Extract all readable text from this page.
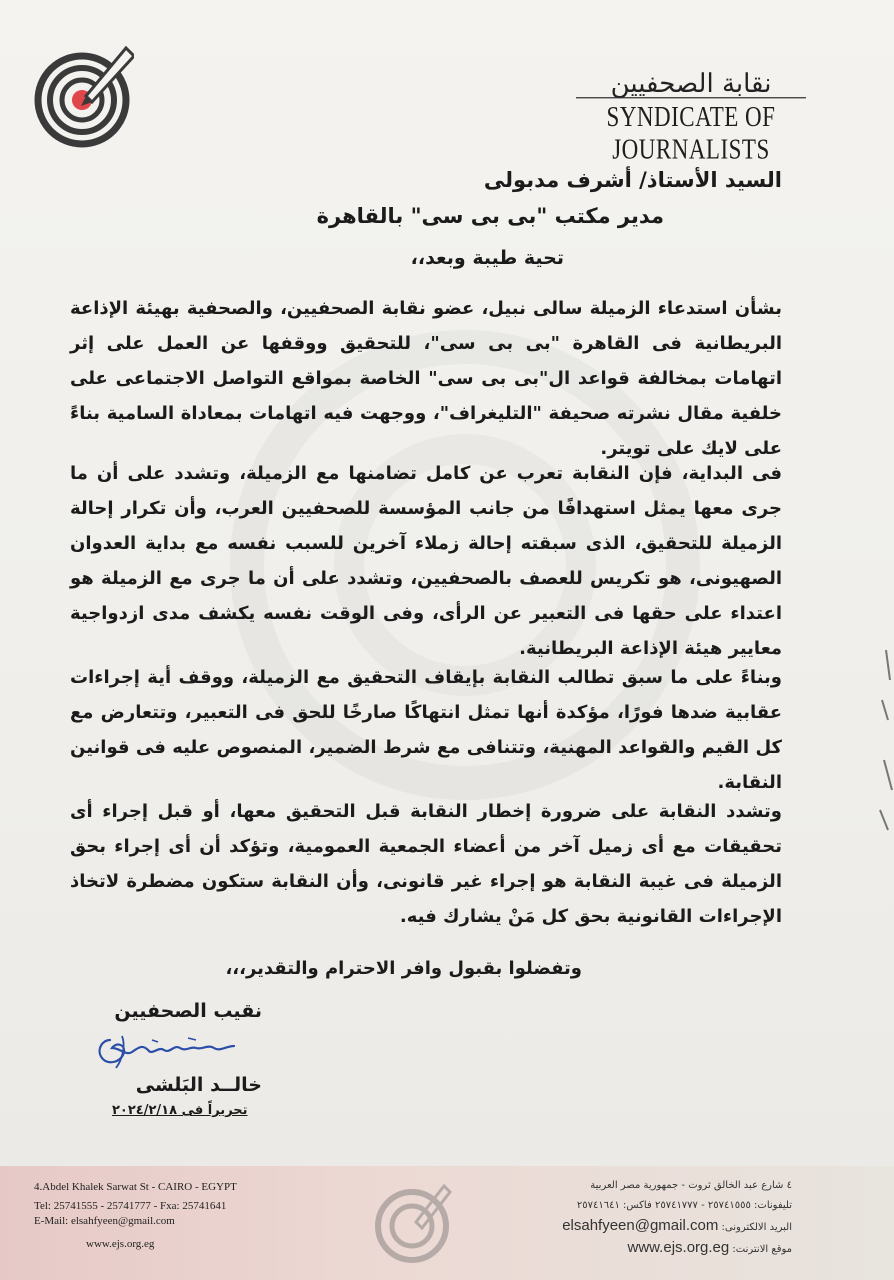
نقابة الصحفيين
SYNDICATE OF JOURNALISTS
السيد الأستاذ/ أشرف مدبولى
مدير مكتب "بى بى سى" بالقاهرة
تحية طيبة وبعد،،
بشأن استدعاء الزميلة سالى نبيل، عضو نقابة الصحفيين، والصحفية بهيئة الإذاعة البريطانية فى القاهرة "بى بى سى"، للتحقيق ووقفها عن العمل على إثر اتهامات بمخالفة قواعد ال"بى بى سى" الخاصة بمواقع التواصل الاجتماعى على خلفية مقال نشرته صحيفة "التليغراف"، ووجهت فيه اتهامات بمعاداة السامية بناءً على لايك على تويتر.
فى البداية، فإن النقابة تعرب عن كامل تضامنها مع الزميلة، وتشدد على أن ما جرى معها يمثل استهدافًا من جانب المؤسسة للصحفيين العرب، وأن تكرار إحالة الزميلة للتحقيق، الذى سبقته إحالة زملاء آخرين للسبب نفسه مع بداية العدوان الصهيونى، هو تكريس للعصف بالصحفيين، وتشدد على أن ما جرى مع الزميلة هو اعتداء على حقها فى التعبير عن الرأى، وفى الوقت نفسه يكشف مدى ازدواجية معايير هيئة الإذاعة البريطانية.
وبناءً على ما سبق تطالب النقابة بإيقاف التحقيق مع الزميلة، ووقف أية إجراءات عقابية ضدها فورًا، مؤكدة أنها تمثل انتهاكًا صارخًا للحق فى التعبير، وتتعارض مع كل القيم والقواعد المهنية، وتتنافى مع شرط الضمير، المنصوص عليه فى قوانين النقابة.
وتشدد النقابة على ضرورة إخطار النقابة قبل التحقيق معها، أو قبل إجراء أى تحقيقات مع أى زميل آخر من أعضاء الجمعية العمومية، وتؤكد أن أى إجراء بحق الزميلة فى غيبة النقابة هو إجراء غير قانونى، وأن النقابة ستكون مضطرة لاتخاذ الإجراءات القانونية بحق كل مَنْ يشارك فيه.
وتفضلوا بقبول وافر الاحترام والتقدير،،،
نقيب الصحفيين
خالــد البَلشى
تحريراً فى ٢٠٢٤/٢/١٨
4.Abdel Khalek Sarwat St - CAIRO - EGYPT
Tel: 25741555 - 25741777 - Fxa: 25741641
E-Mail: elsahfyeen@gmail.com
www.ejs.org.eg
٤ شارع عبد الخالق ثروت - جمهورية مصر العربية
تليفونات: ٢٥٧٤١٥٥٥ - ٢٥٧٤١٧٧٧ فاكس: ٢٥٧٤١٦٤١
البريد الالكترونى: elsahfyeen@gmail.com
موقع الانترنت: www.ejs.org.eg
